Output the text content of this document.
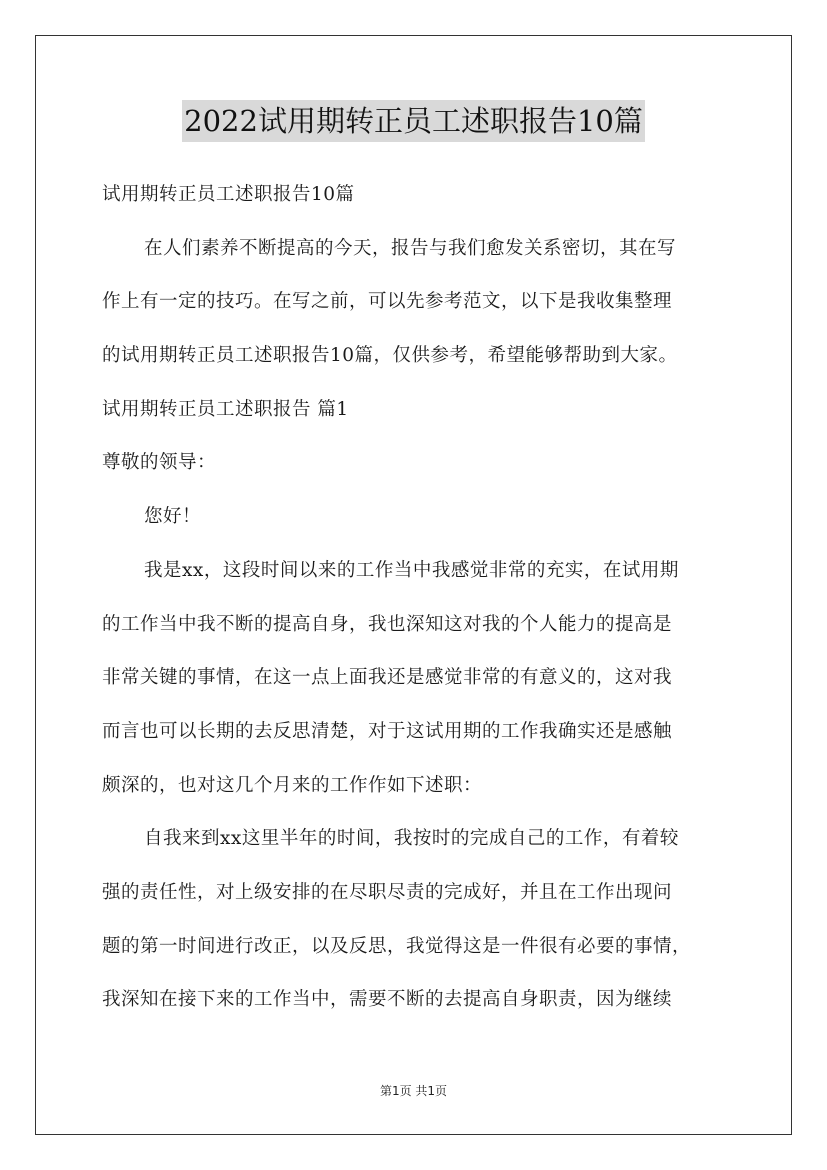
2022试用期转正员工述职报告10篇
试用期转正员工述职报告10篇
在人们素养不断提高的今天，报告与我们愈发关系密切，其在写
作上有一定的技巧。在写之前，可以先参考范文，以下是我收集整理
的试用期转正员工述职报告10篇，仅供参考，希望能够帮助到大家。
试用期转正员工述职报告 篇1
尊敬的领导：
您好！
我是xx，这段时间以来的工作当中我感觉非常的充实，在试用期
的工作当中我不断的提高自身，我也深知这对我的个人能力的提高是
非常关键的事情，在这一点上面我还是感觉非常的有意义的，这对我
而言也可以长期的去反思清楚，对于这试用期的工作我确实还是感触
颇深的，也对这几个月来的工作作如下述职：
自我来到xx这里半年的时间，我按时的完成自己的工作，有着较
强的责任性，对上级安排的在尽职尽责的完成好，并且在工作出现问
题的第一时间进行改正，以及反思，我觉得这是一件很有必要的事情，
我深知在接下来的工作当中，需要不断的去提高自身职责，因为继续
第1页 共1页
